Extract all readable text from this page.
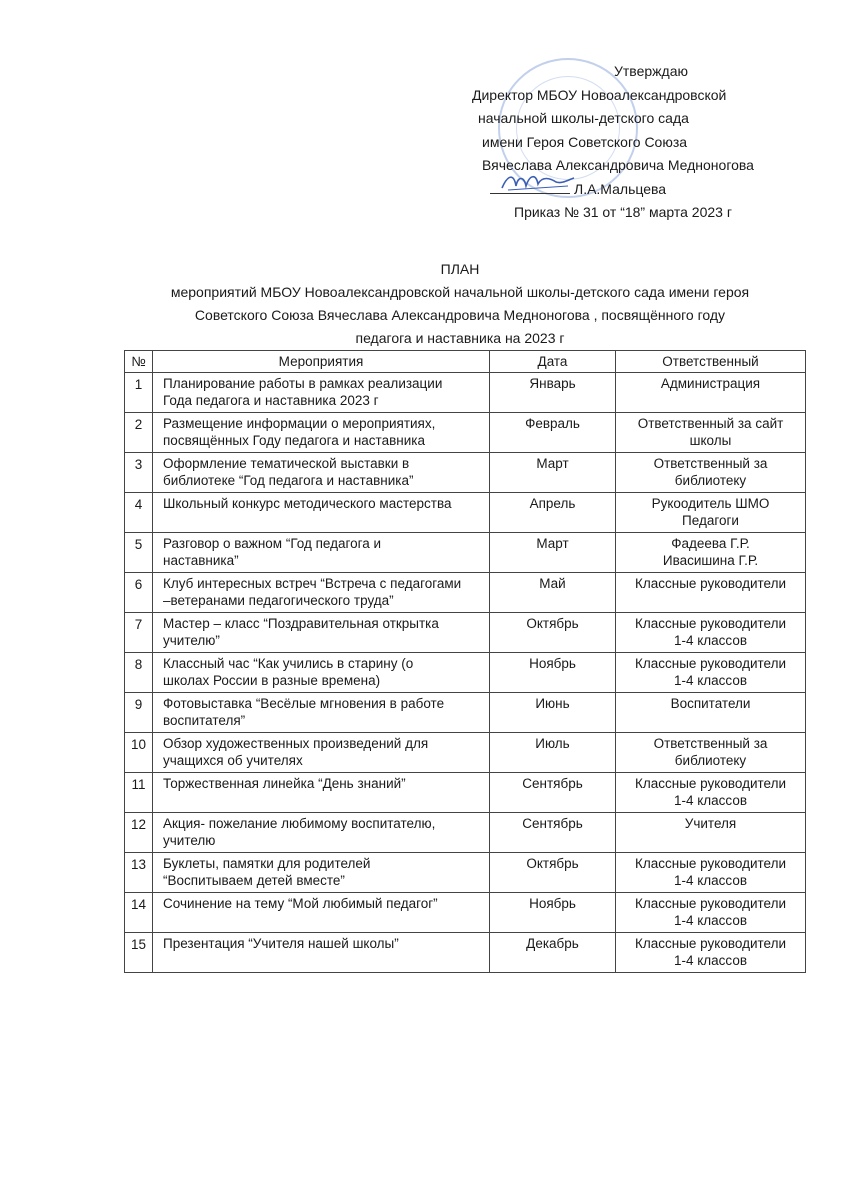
Утверждаю
Директор МБОУ Новоалександровской
начальной школы-детского сада
имени Героя Советского Союза
Вячеслава Александровича Медноногова
Л.А.Мальцева
Приказ № 31 от “18” марта 2023 г
ПЛАН
мероприятий МБОУ Новоалександровской начальной школы-детского сада имени героя
Советского Союза Вячеслава Александровича Медноногова , посвящённого году
педагога и наставника на 2023 г
№	Мероприятия	Дата	Ответственный
1	Планирование работы в рамках реализации
Года педагога и наставника 2023 г	Январь	Администрация
2	Размещение информации о мероприятиях,
посвящённых Году педагога и наставника	Февраль	Ответственный за сайт
школы
3	Оформление тематической выставки в
библиотеке “Год педагога и наставника”	Март	Ответственный за
библиотеку
4	Школьный конкурс методического мастерства	Апрель	Рукоодитель ШМО
Педагоги
5	Разговор о важном “Год педагога и
наставника”	Март	Фадеева Г.Р.
Ивасишина Г.Р.
6	Клуб интересных встреч “Встреча с педагогами
–ветеранами педагогического труда”	Май	Классные руководители
7	Мастер – класс “Поздравительная открытка
учителю”	Октябрь	Классные руководители
1-4 классов
8	Классный час “Как учились в старину (о
школах России в разные времена)	Ноябрь	Классные руководители
1-4 классов
9	Фотовыставка “Весёлые мгновения в работе
воспитателя”	Июнь	Воспитатели
10	Обзор художественных произведений для
учащихся об учителях	Июль	Ответственный за
библиотеку
11	Торжественная линейка “День знаний”	Сентябрь	Классные руководители
1-4 классов
12	Акция- пожелание любимому воспитателю,
учителю	Сентябрь	Учителя
13	Буклеты, памятки для родителей
“Воспитываем детей вместе”	Октябрь	Классные руководители
1-4 классов
14	Сочинение на тему “Мой любимый педагог”	Ноябрь	Классные руководители
1-4 классов
15	Презентация “Учителя нашей школы”	Декабрь	Классные руководители
1-4 классов
